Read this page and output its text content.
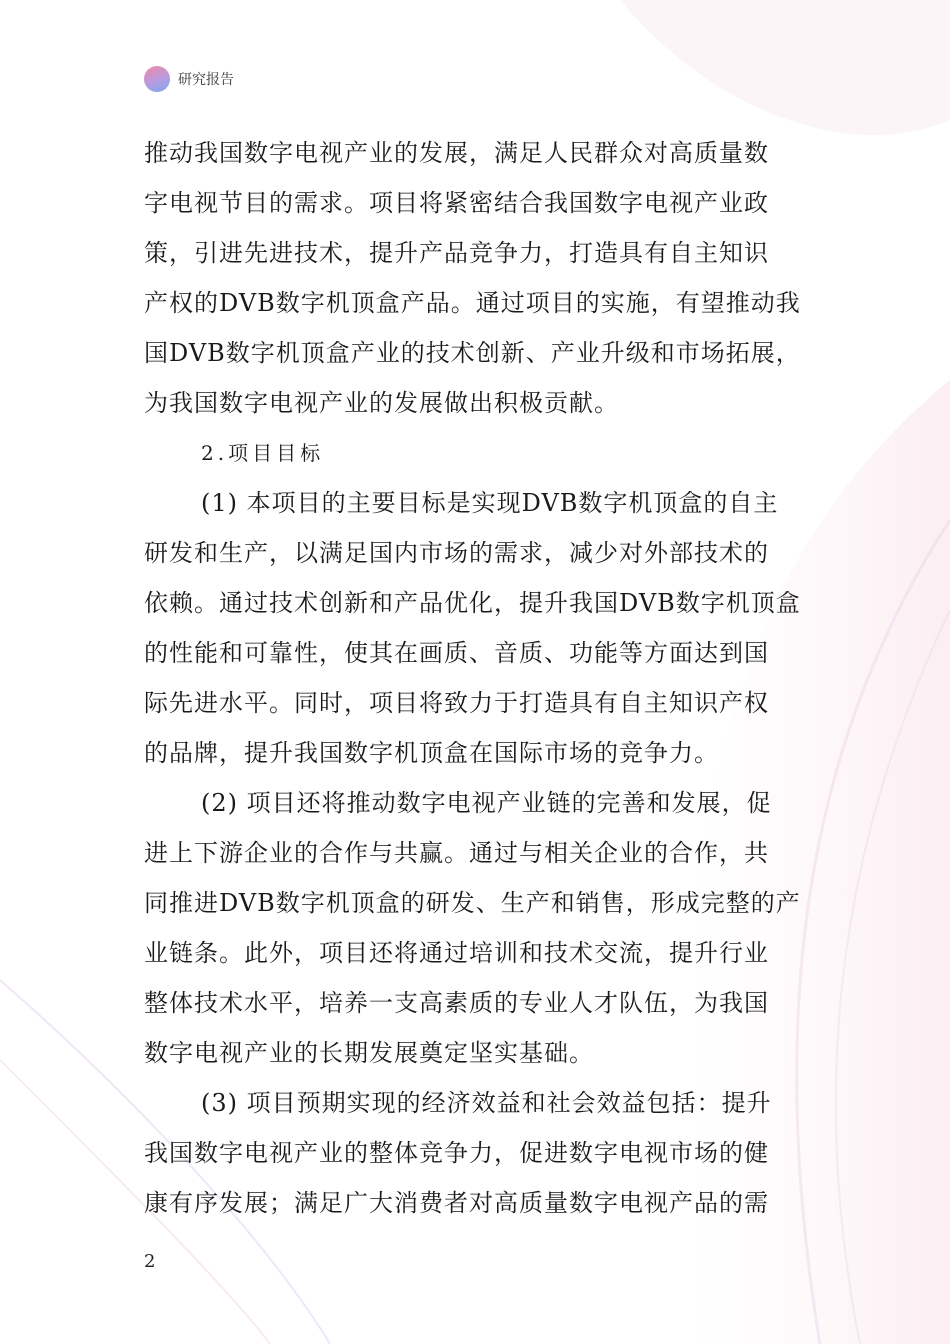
研究报告

推动我国数字电视产业的发展，满足人民群众对高质量数
字电视节目的需求。项目将紧密结合我国数字电视产业政
策，引进先进技术，提升产品竞争力，打造具有自主知识
产权的DVB数字机顶盒产品。通过项目的实施，有望推动我
国DVB数字机顶盒产业的技术创新、产业升级和市场拓展，
为我国数字电视产业的发展做出积极贡献。

2.项目目标

(1) 本项目的主要目标是实现DVB数字机顶盒的自主
研发和生产，以满足国内市场的需求，减少对外部技术的
依赖。通过技术创新和产品优化，提升我国DVB数字机顶盒
的性能和可靠性，使其在画质、音质、功能等方面达到国
际先进水平。同时，项目将致力于打造具有自主知识产权
的品牌，提升我国数字机顶盒在国际市场的竞争力。

(2) 项目还将推动数字电视产业链的完善和发展，促
进上下游企业的合作与共赢。通过与相关企业的合作，共
同推进DVB数字机顶盒的研发、生产和销售，形成完整的产
业链条。此外，项目还将通过培训和技术交流，提升行业
整体技术水平，培养一支高素质的专业人才队伍，为我国
数字电视产业的长期发展奠定坚实基础。

(3) 项目预期实现的经济效益和社会效益包括：提升
我国数字电视产业的整体竞争力，促进数字电视市场的健
康有序发展；满足广大消费者对高质量数字电视产品的需

2
